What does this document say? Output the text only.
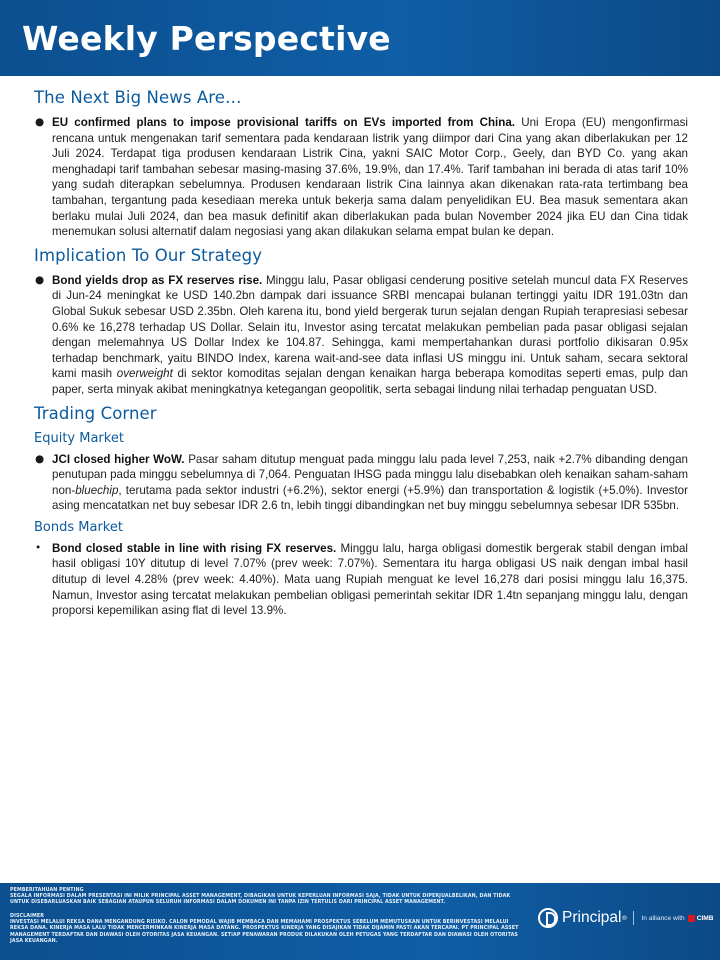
Weekly Perspective
The Next Big News Are…
● EU confirmed plans to impose provisional tariffs on EVs imported from China. Uni Eropa (EU) mengonfirmasi rencana untuk mengenakan tarif sementara pada kendaraan listrik yang diimpor dari Cina yang akan diberlakukan per 12 Juli 2024. Terdapat tiga produsen kendaraan Listrik Cina, yakni SAIC Motor Corp., Geely, dan BYD Co. yang akan menghadapi tarif tambahan sebesar masing-masing 37.6%, 19.9%, dan 17.4%. Tarif tambahan ini berada di atas tarif 10% yang sudah diterapkan sebelumnya. Produsen kendaraan listrik Cina lainnya akan dikenakan rata-rata tertimbang bea tambahan, tergantung pada kesediaan mereka untuk bekerja sama dalam penyelidikan EU. Bea masuk sementara akan berlaku mulai Juli 2024, dan bea masuk definitif akan diberlakukan pada bulan November 2024 jika EU dan Cina tidak menemukan solusi alternatif dalam negosiasi yang akan dilakukan selama empat bulan ke depan.

Implication To Our Strategy
● Bond yields drop as FX reserves rise. Minggu lalu, Pasar obligasi cenderung positive setelah muncul data FX Reserves di Jun-24 meningkat ke USD 140.2bn dampak dari issuance SRBI mencapai bulanan tertinggi yaitu IDR 191.03tn dan Global Sukuk sebesar USD 2.35bn. Oleh karena itu, bond yield bergerak turun sejalan dengan Rupiah terapresiasi sebesar 0.6% ke 16,278 terhadap US Dollar. Selain itu, Investor asing tercatat melakukan pembelian pada pasar obligasi sejalan dengan melemahnya US Dollar Index ke 104.87. Sehingga, kami mempertahankan durasi portfolio dikisaran 0.95x terhadap benchmark, yaitu BINDO Index, karena wait-and-see data inflasi US minggu ini. Untuk saham, secara sektoral kami masih overweight di sektor komoditas sejalan dengan kenaikan harga beberapa komoditas seperti emas, pulp dan paper, serta minyak akibat meningkatnya ketegangan geopolitik, serta sebagai lindung nilai terhadap penguatan USD.

Trading Corner
Equity Market
● JCI closed higher WoW. Pasar saham ditutup menguat pada minggu lalu pada level 7,253, naik +2.7% dibanding dengan penutupan pada minggu sebelumnya di 7,064. Penguatan IHSG pada minggu lalu disebabkan oleh kenaikan saham-saham non-bluechip, terutama pada sektor industri (+6.2%), sektor energi (+5.9%) dan transportation & logistik (+5.0%). Investor asing mencatatkan net buy sebesar IDR 2.6 tn, lebih tinggi dibandingkan net buy minggu sebelumnya sebesar IDR 535bn.

Bonds Market
• Bond closed stable in line with rising FX reserves. Minggu lalu, harga obligasi domestik bergerak stabil dengan imbal hasil obligasi 10Y ditutup di level 7.07% (prev week: 7.07%). Sementara itu harga obligasi US naik dengan imbal hasil ditutup di level 4.28% (prev week: 4.40%). Mata uang Rupiah menguat ke level 16,278 dari posisi minggu lalu 16,375. Namun, Investor asing tercatat melakukan pembelian obligasi pemerintah sekitar IDR 1.4tn sepanjang minggu lalu, dengan proporsi kepemilikan asing flat di level 13.9%.

PEMBERITAHUAN PENTING
SEGALA INFORMASI DALAM PRESENTASI INI MILIK PRINCIPAL ASSET MANAGEMENT, DIBAGIKAN UNTUK KEPERLUAN INFORMASI SAJA, TIDAK UNTUK DIPERJUALBELIKAN, DAN TIDAK UNTUK DISEBARLUASKAN BAIK SEBAGIAN ATAUPUN SELURUH INFORMASI DALAM DOKUMEN INI TANPA IZIN TERTULIS DARI PRINCIPAL ASSET MANAGEMENT.
DISCLAIMER
INVESTASI MELALUI REKSA DANA MENGANDUNG RISIKO. CALON PEMODAL WAJIB MEMBACA DAN MEMAHAMI PROSPEKTUS SEBELUM MEMUTUSKAN UNTUK BERINVESTASI MELALUI REKSA DANA. KINERJA MASA LALU TIDAK MENCERMINKAN KINERJA MASA DATANG. PROSPEKTUS KINERJA YANG DISAJIKAN TIDAK DIJAMIN PASTI AKAN TERCAPAI. PT PRINCIPAL ASSET MANAGEMENT TERDAFTAR DAN DIAWASI OLEH OTORITAS JASA KEUANGAN. SETIAP PENAWARAN PRODUK DILAKUKAN OLEH PETUGAS YANG TERDAFTAR DAN DIAWASI OLEH OTORITAS JASA KEUANGAN.
Principal ® In alliance with CIMB
